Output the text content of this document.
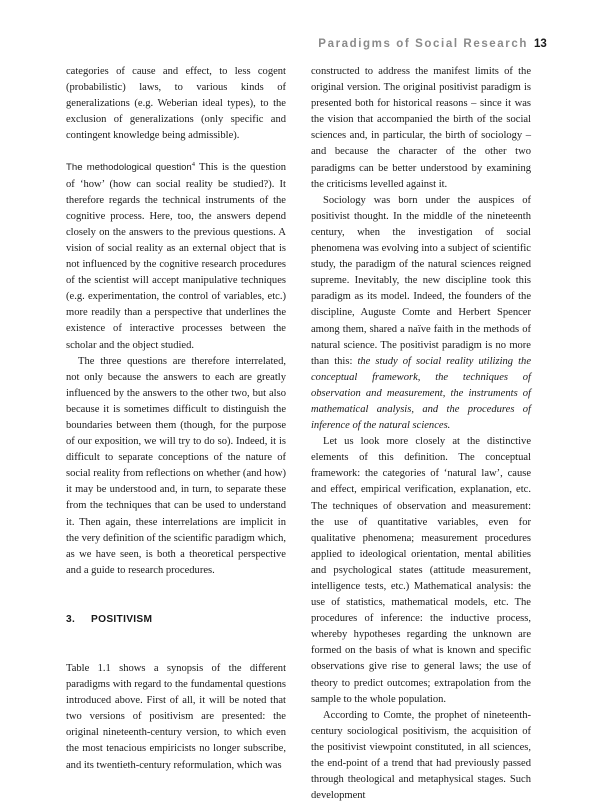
Paradigms of Social Research 13

categories of cause and effect, to less cogent (probabilistic) laws, to various kinds of generalizations (e.g. Weberian ideal types), to the exclusion of generalizations (only specific and contingent knowledge being admissible).

The methodological question$^4$ This is the question of ‘how’ (how can social reality be studied?). It therefore regards the technical instruments of the cognitive process. Here, too, the answers depend closely on the answers to the previous questions. A vision of social reality as an external object that is not influenced by the cognitive research procedures of the scientist will accept manipulative techniques (e.g. experimentation, the control of variables, etc.) more readily than a perspective that underlines the existence of interactive processes between the scholar and the object studied.

The three questions are therefore interrelated, not only because the answers to each are greatly influenced by the answers to the other two, but also because it is sometimes difficult to distinguish the boundaries between them (though, for the purpose of our exposition, we will try to do so). Indeed, it is difficult to separate conceptions of the nature of social reality from reflections on whether (and how) it may be understood and, in turn, to separate these from the techniques that can be used to understand it. Then again, these interrelations are implicit in the very definition of the scientific paradigm which, as we have seen, is both a theoretical perspective and a guide to research procedures.

3. POSITIVISM

Table 1.1 shows a synopsis of the different paradigms with regard to the fundamental questions introduced above. First of all, it will be noted that two versions of positivism are presented: the original nineteenth-century version, to which even the most tenacious empiricists no longer subscribe, and its twentieth-century reformulation, which was

constructed to address the manifest limits of the original version. The original positivist paradigm is presented both for historical reasons – since it was the vision that accompanied the birth of the social sciences and, in particular, the birth of sociology – and because the character of the other two paradigms can be better understood by examining the criticisms levelled against it.

Sociology was born under the auspices of positivist thought. In the middle of the nineteenth century, when the investigation of social phenomena was evolving into a subject of scientific study, the paradigm of the natural sciences reigned supreme. Inevitably, the new discipline took this paradigm as its model. Indeed, the founders of the discipline, Auguste Comte and Herbert Spencer among them, shared a naïve faith in the methods of natural science. The positivist paradigm is no more than this: the study of social reality utilizing the conceptual framework, the techniques of observation and measurement, the instruments of mathematical analysis, and the procedures of inference of the natural sciences.

Let us look more closely at the distinctive elements of this definition. The conceptual framework: the categories of ‘natural law’, cause and effect, empirical verification, explanation, etc. The techniques of observation and measurement: the use of quantitative variables, even for qualitative phenomena; measurement procedures applied to ideological orientation, mental abilities and psychological states (attitude measurement, intelligence tests, etc.) Mathematical analysis: the use of statistics, mathematical models, etc. The procedures of inference: the inductive process, whereby hypotheses regarding the unknown are formed on the basis of what is known and specific observations give rise to general laws; the use of theory to predict outcomes; extrapolation from the sample to the whole population.

According to Comte, the prophet of nineteenth-century sociological positivism, the acquisition of the positivist viewpoint constituted, in all sciences, the end-point of a trend that had previously passed through theological and metaphysical stages. Such development
